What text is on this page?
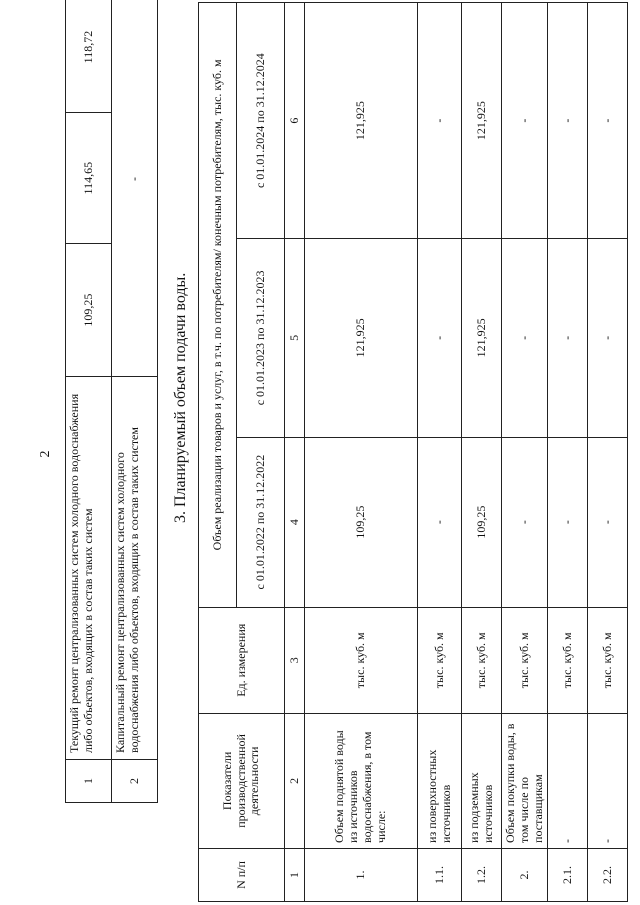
2
1	Текущий ремонт централизованных систем холодного водоснабжения либо объектов, входящих в состав таких систем	109,25	114,65	118,72
2	Капитальный ремонт централизованных систем холодного водоснабжения либо объектов, входящих в состав таких систем	-		
3. Планируемый объем подачи воды.
N п/п	Показатели производственной деятельности	Ед. измерения	Объем реализации товаров и услуг, в т.ч. по потребителям/ конечным потребителям, тыс. куб. м		
			с 01.01.2022 по 31.12.2022	с 01.01.2023 по 31.12.2023	с 01.01.2024 по 31.12.2024
1	2	3	4	5	6
1.	Объем поднятой воды из источников водоснабжения, в том числе:	тыс. куб. м	109,25	121,925	121,925
1.1.	из поверхностных источников	тыс. куб. м	-	-	-
1.2.	из подземных источников	тыс. куб. м	109,25	121,925	121,925
2.	Объем покупки воды, в том числе по поставщикам	тыс. куб. м	-	-	-
2.1.	-	тыс. куб. м	-	-	-
2.2.	-	тыс. куб. м	-	-	-
